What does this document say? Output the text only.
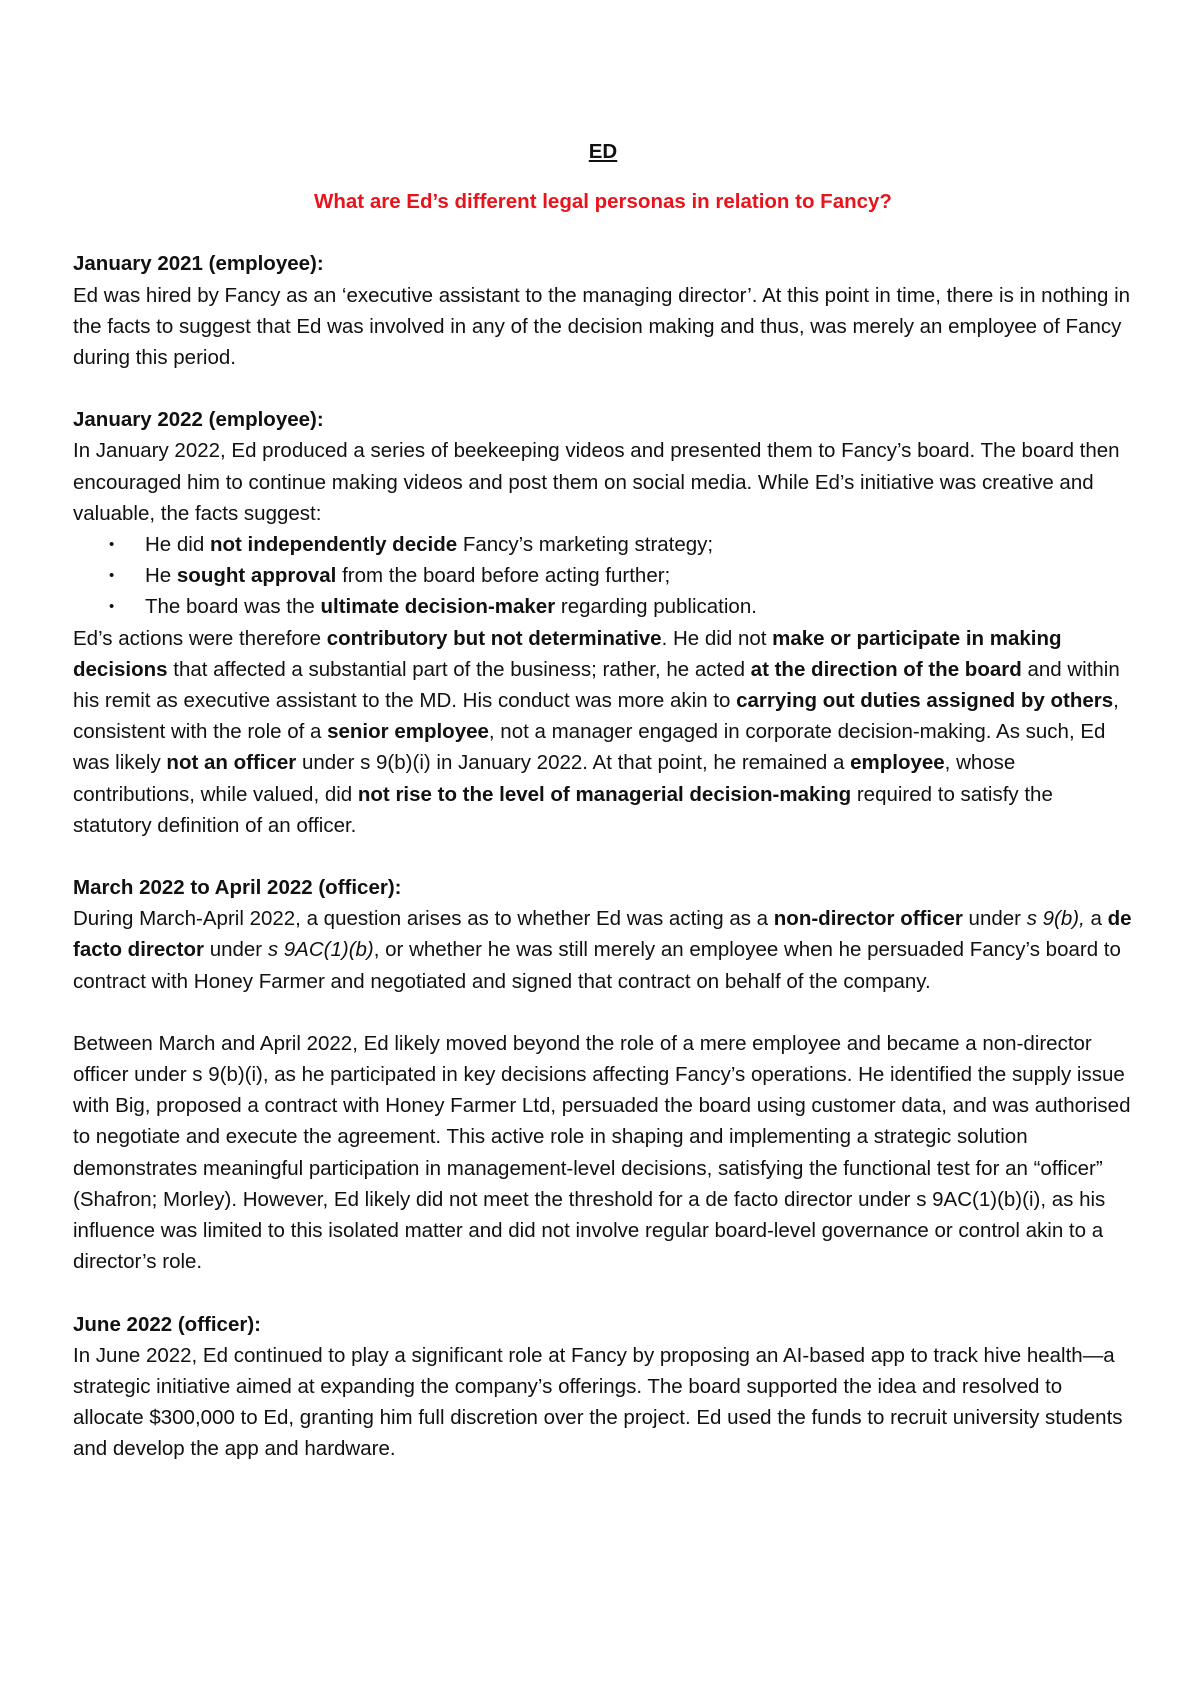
ED

What are Ed’s different legal personas in relation to Fancy?

January 2021 (employee):

Ed was hired by Fancy as an ‘executive assistant to the managing director’. At this point in time, there is in nothing in the facts to suggest that Ed was involved in any of the decision making and thus, was merely an employee of Fancy during this period.

January 2022 (employee):

In January 2022, Ed produced a series of beekeeping videos and presented them to Fancy’s board. The board then encouraged him to continue making videos and post them on social media. While Ed’s initiative was creative and valuable, the facts suggest:

• He did not independently decide Fancy’s marketing strategy;
• He sought approval from the board before acting further;
• The board was the ultimate decision-maker regarding publication.

Ed’s actions were therefore contributory but not determinative. He did not make or participate in making decisions that affected a substantial part of the business; rather, he acted at the direction of the board and within his remit as executive assistant to the MD. His conduct was more akin to carrying out duties assigned by others, consistent with the role of a senior employee, not a manager engaged in corporate decision-making. As such, Ed was likely not an officer under s 9(b)(i) in January 2022. At that point, he remained a employee, whose contributions, while valued, did not rise to the level of managerial decision-making required to satisfy the statutory definition of an officer.

March 2022 to April 2022 (officer):

During March-April 2022, a question arises as to whether Ed was acting as a non-director officer under s 9(b), a de facto director under s 9AC(1)(b), or whether he was still merely an employee when he persuaded Fancy’s board to contract with Honey Farmer and negotiated and signed that contract on behalf of the company.

Between March and April 2022, Ed likely moved beyond the role of a mere employee and became a non-director officer under s 9(b)(i), as he participated in key decisions affecting Fancy’s operations. He identified the supply issue with Big, proposed a contract with Honey Farmer Ltd, persuaded the board using customer data, and was authorised to negotiate and execute the agreement. This active role in shaping and implementing a strategic solution demonstrates meaningful participation in management-level decisions, satisfying the functional test for an “officer” (Shafron; Morley). However, Ed likely did not meet the threshold for a de facto director under s 9AC(1)(b)(i), as his influence was limited to this isolated matter and did not involve regular board-level governance or control akin to a director’s role.

June 2022 (officer):

In June 2022, Ed continued to play a significant role at Fancy by proposing an AI-based app to track hive health—a strategic initiative aimed at expanding the company’s offerings. The board supported the idea and resolved to allocate $300,000 to Ed, granting him full discretion over the project. Ed used the funds to recruit university students and develop the app and hardware.
